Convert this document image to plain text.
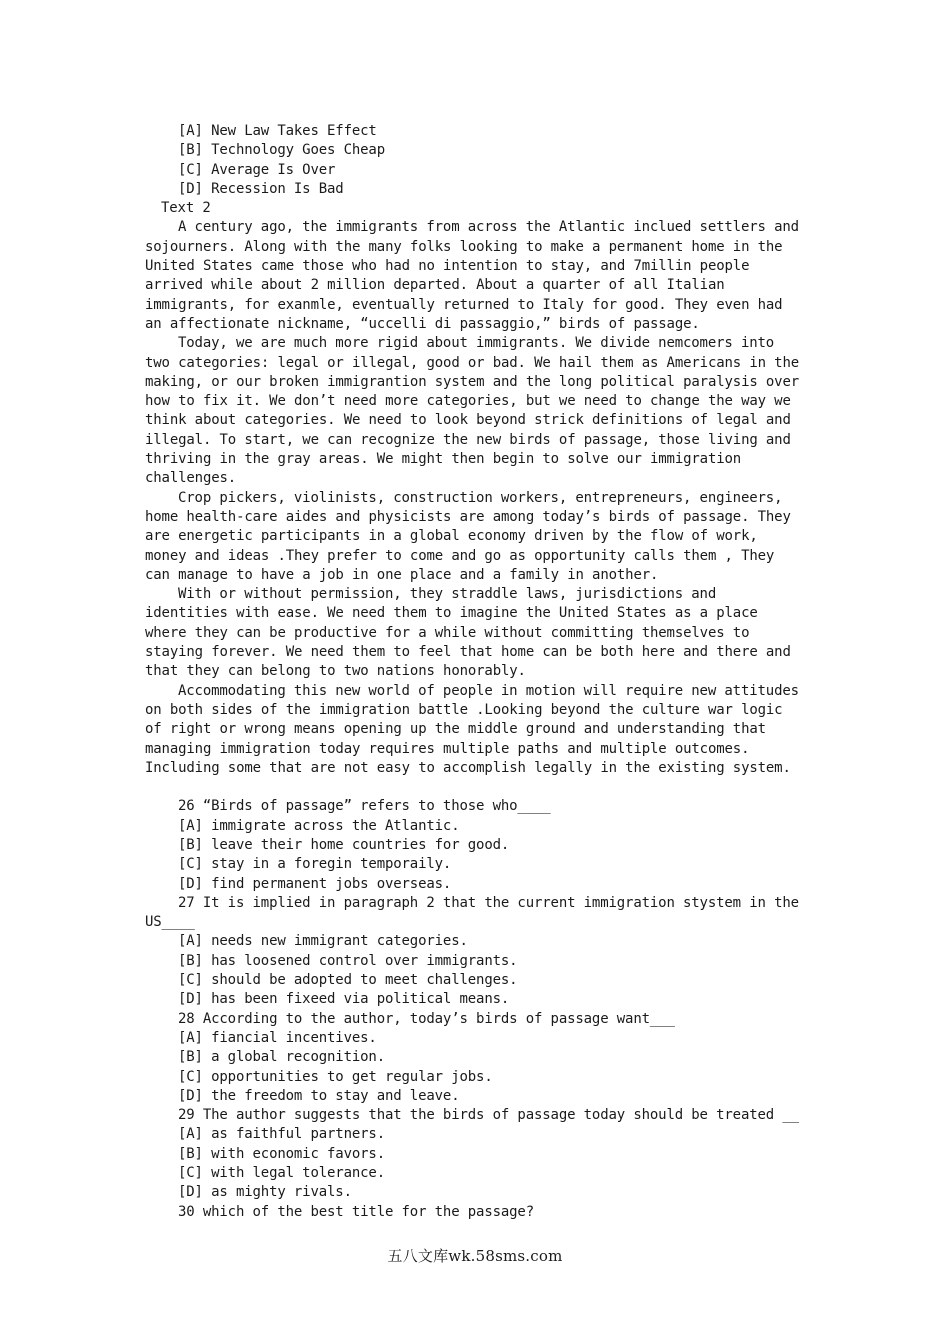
[A] New Law Takes Effect
[B] Technology Goes Cheap
[C] Average Is Over
[D] Recession Is Bad
Text 2
A century ago, the immigrants from across the Atlantic inclued settlers and
sojourners. Along with the many folks looking to make a permanent home in the
United States came those who had no intention to stay, and 7millin people
arrived while about 2 million departed. About a quarter of all Italian
immigrants, for exanmle, eventually returned to Italy for good. They even had
an affectionate nickname, “uccelli di passaggio,” birds of passage.
Today, we are much more rigid about immigrants. We divide nemcomers into
two categories: legal or illegal, good or bad. We hail them as Americans in the
making, or our broken immigrantion system and the long political paralysis over
how to fix it. We don’t need more categories, but we need to change the way we
think about categories. We need to look beyond strick definitions of legal and
illegal. To start, we can recognize the new birds of passage, those living and
thriving in the gray areas. We might then begin to solve our immigration
challenges.
Crop pickers, violinists, construction workers, entrepreneurs, engineers,
home health-care aides and physicists are among today’s birds of passage. They
are energetic participants in a global economy driven by the flow of work,
money and ideas .They prefer to come and go as opportunity calls them , They
can manage to have a job in one place and a family in another.
With or without permission, they straddle laws, jurisdictions and
identities with ease. We need them to imagine the United States as a place
where they can be productive for a while without committing themselves to
staying forever. We need them to feel that home can be both here and there and
that they can belong to two nations honorably.
Accommodating this new world of people in motion will require new attitudes
on both sides of the immigration battle .Looking beyond the culture war logic
of right or wrong means opening up the middle ground and understanding that
managing immigration today requires multiple paths and multiple outcomes.
Including some that are not easy to accomplish legally in the existing system.
26 “Birds of passage” refers to those who____
[A] immigrate across the Atlantic.
[B] leave their home countries for good.
[C] stay in a foregin temporaily.
[D] find permanent jobs overseas.
27 It is implied in paragraph 2 that the current immigration stystem in the
US____
[A] needs new immigrant categories.
[B] has loosened control over immigrants.
[C] should be adopted to meet challenges.
[D] has been fixeed via political means.
28 According to the author, today’s birds of passage want___
[A] fiancial incentives.
[B] a global recognition.
[C] opportunities to get regular jobs.
[D] the freedom to stay and leave.
29 The author suggests that the birds of passage today should be treated __
[A] as faithful partners.
[B] with economic favors.
[C] with legal tolerance.
[D] as mighty rivals.
30 which of the best title for the passage?
五八文库wk.58sms.com
